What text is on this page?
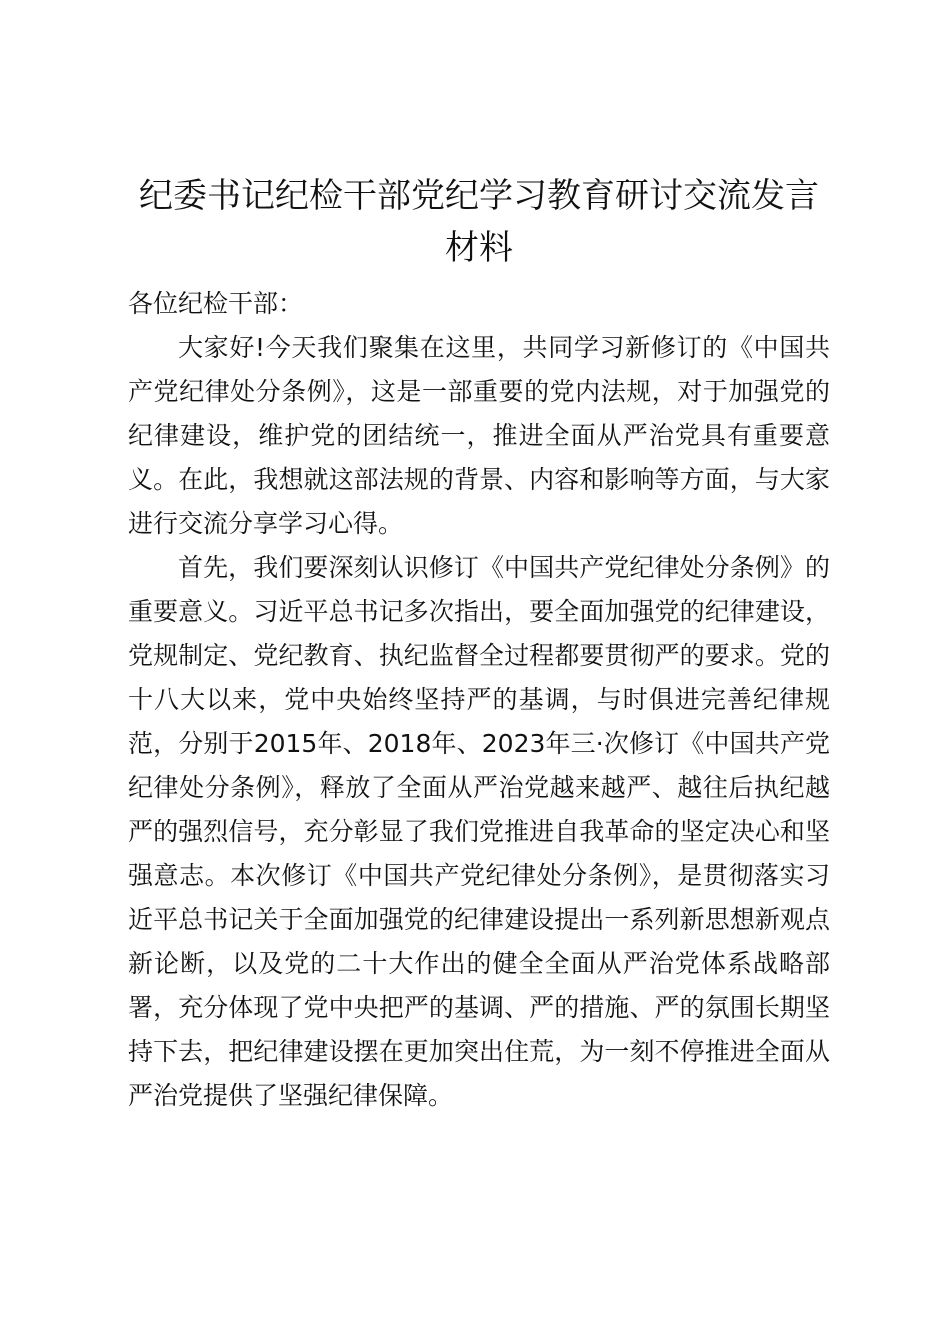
纪委书记纪检干部党纪学习教育研讨交流发言
材料

各位纪检干部：

大家好!今天我们聚集在这里，共同学习新修订的《中国共产党纪律处分条例》，这是一部重要的党内法规，对于加强党的纪律建设，维护党的团结统一，推进全面从严治党具有重要意义。在此，我想就这部法规的背景、内容和影响等方面，与大家进行交流分享学习心得。

首先，我们要深刻认识修订《中国共产党纪律处分条例》的重要意义。习近平总书记多次指出，要全面加强党的纪律建设，党规制定、党纪教育、执纪监督全过程都要贯彻严的要求。党的十八大以来，党中央始终坚持严的基调，与时俱进完善纪律规范，分别于2015年、2018年、2023年三·次修订《中国共产党纪律处分条例》，释放了全面从严治党越来越严、越往后执纪越严的强烈信号，充分彰显了我们党推进自我革命的坚定决心和坚强意志。本次修订《中国共产党纪律处分条例》，是贯彻落实习近平总书记关于全面加强党的纪律建设提出一系列新思想新观点新论断，以及党的二十大作出的健全全面从严治党体系战略部署，充分体现了党中央把严的基调、严的措施、严的氛围长期坚持下去，把纪律建设摆在更加突出住荒，为一刻不停推进全面从严治党提供了坚强纪律保障。
